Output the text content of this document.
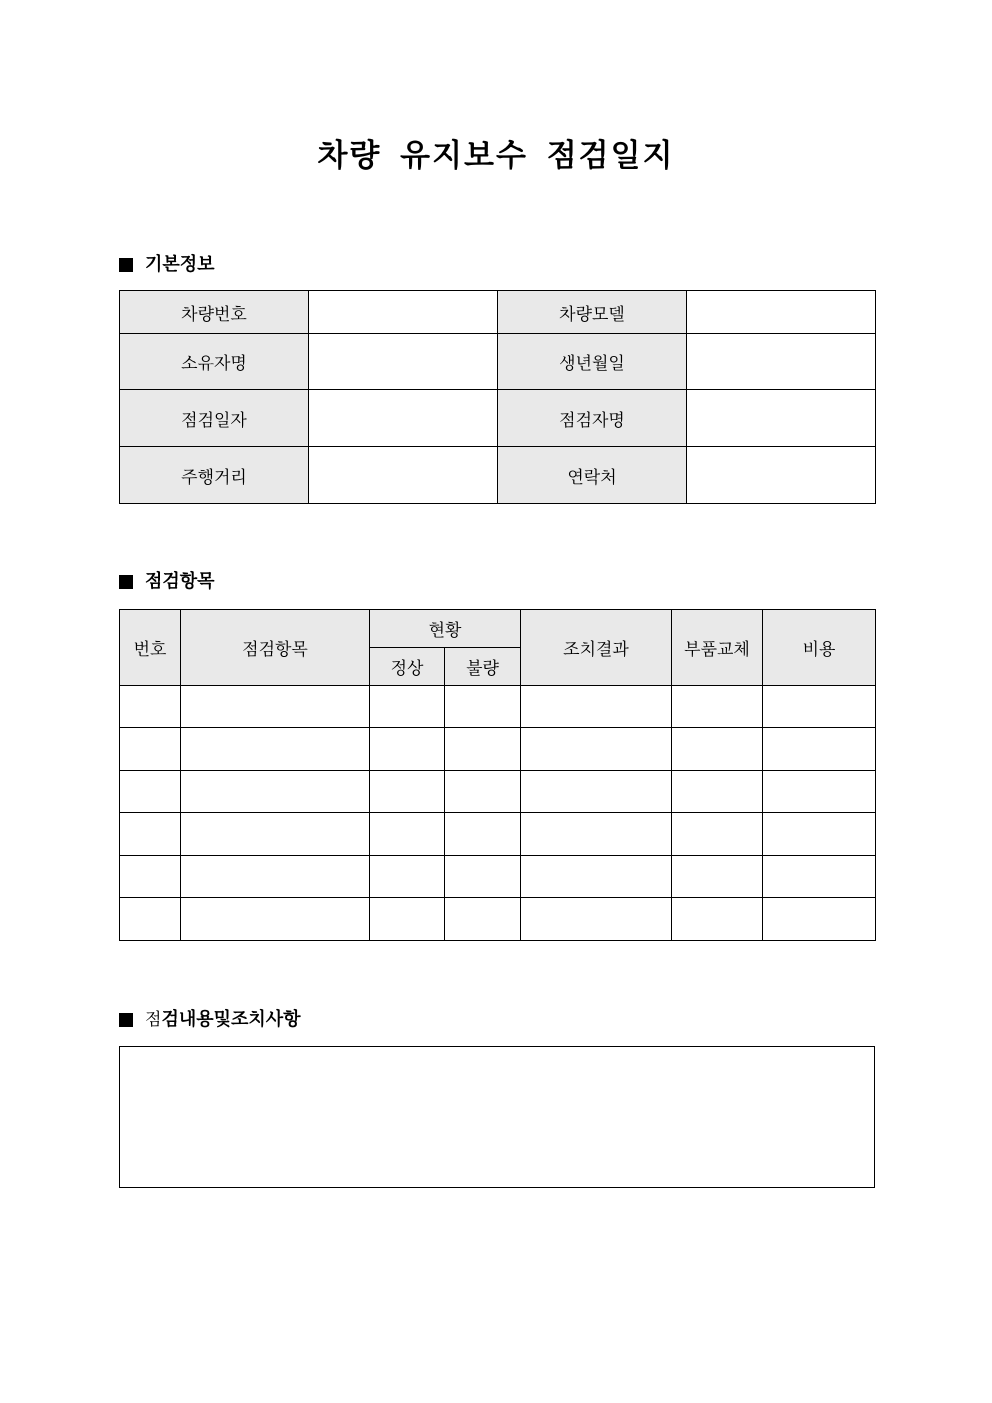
차량 유지보수 점검일지
기본정보
차량번호		차량모델	
소유자명		생년월일	
점검일자		점검자명	
주행거리		연락처	
점검항목
번호	점검항목	현황		조치결과	부품교체	비용
		정상	불량			

점 검내용및조치사항
